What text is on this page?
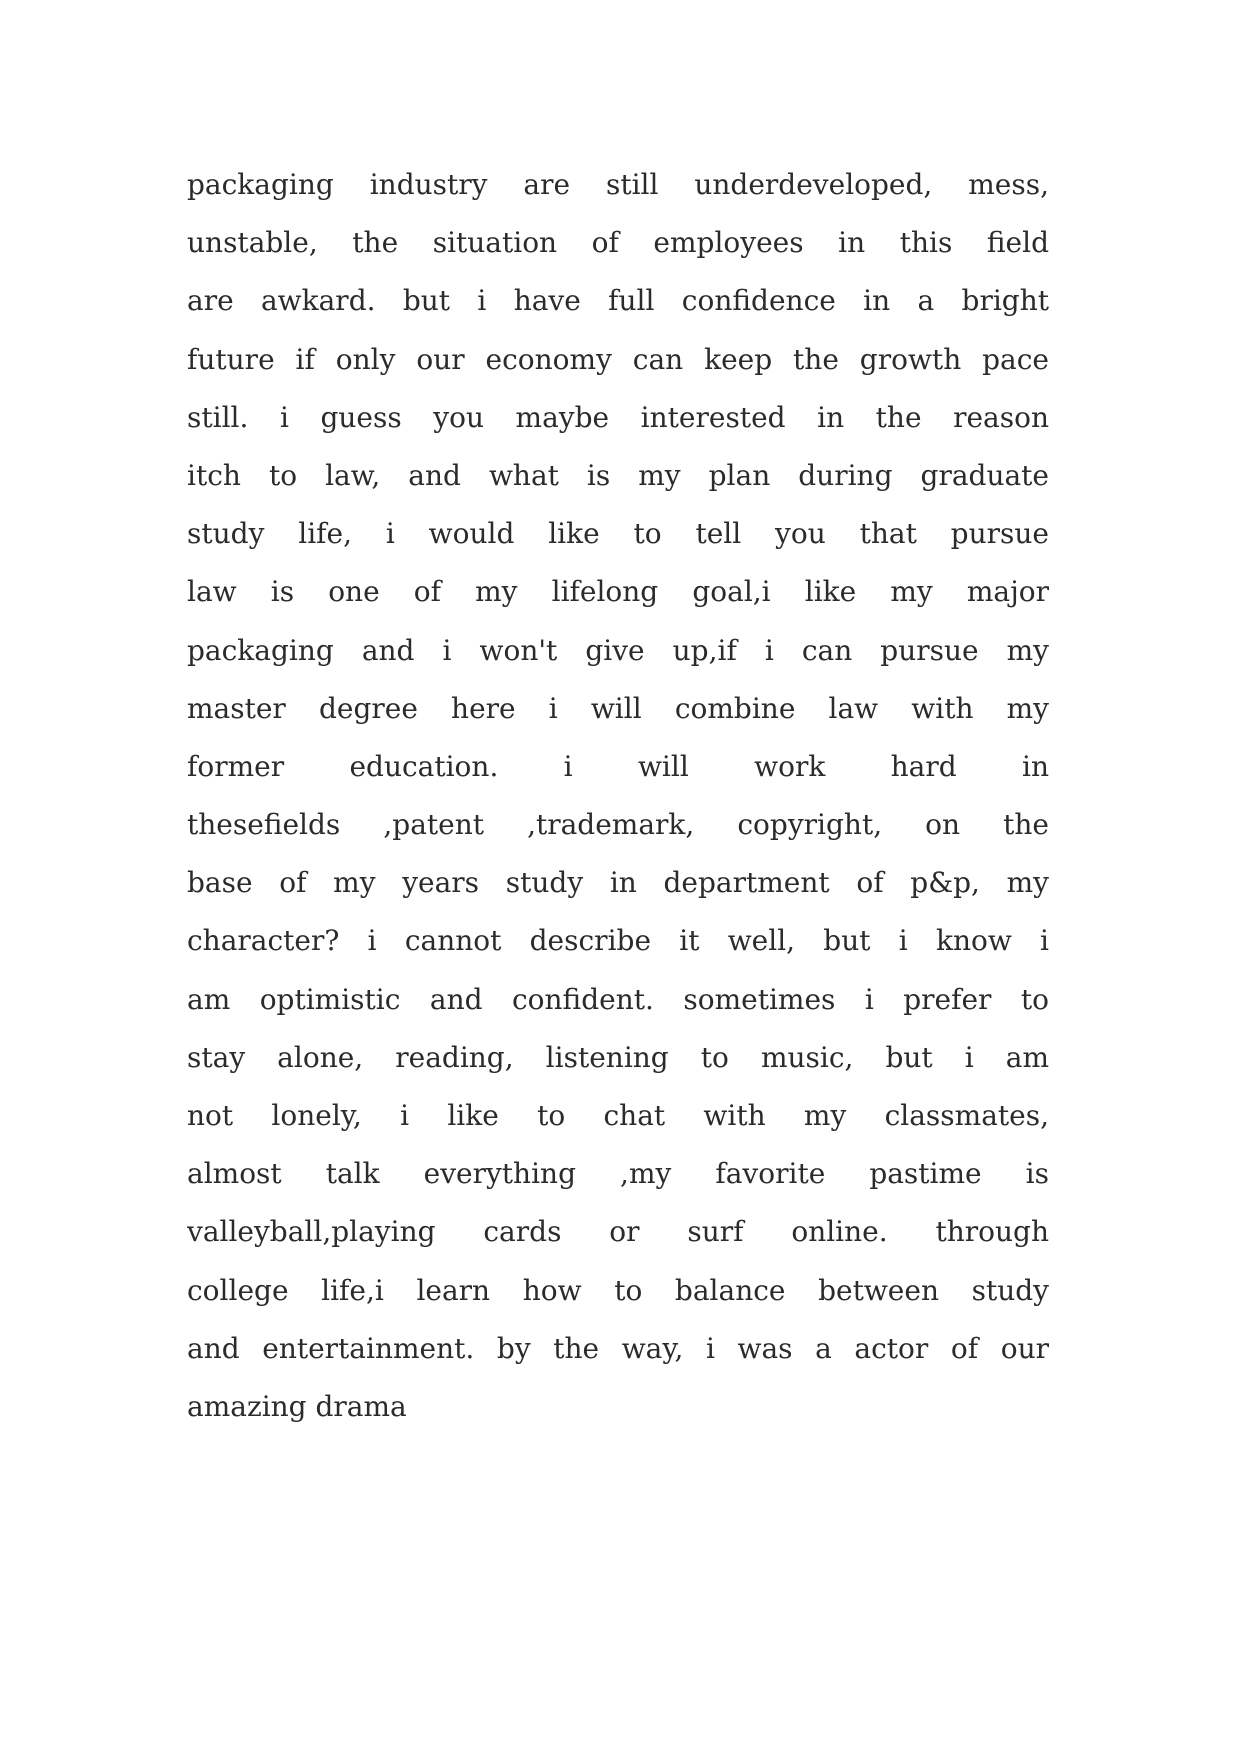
packaging industry are still underdeveloped, mess,
unstable, the situation of employees in this field
are awkard. but i have full confidence in a bright
future if only our economy can keep the growth pace
still. i guess you maybe interested in the reason
itch to law, and what is my plan during graduate
study life, i would like to tell you that pursue
law is one of my lifelong goal,i like my major
packaging and i won't give up,if i can pursue my
master degree here i will combine law with my
former education. i will work hard in
thesefields ,patent ,trademark, copyright, on the
base of my years study in department of p&p, my
character? i cannot describe it well, but i know i
am optimistic and confident. sometimes i prefer to
stay alone, reading, listening to music, but i am
not lonely, i like to chat with my classmates,
almost talk everything ,my favorite pastime is
valleyball,playing cards or surf online. through
college life,i learn how to balance between study
and entertainment. by the way, i was a actor of our
amazing drama
